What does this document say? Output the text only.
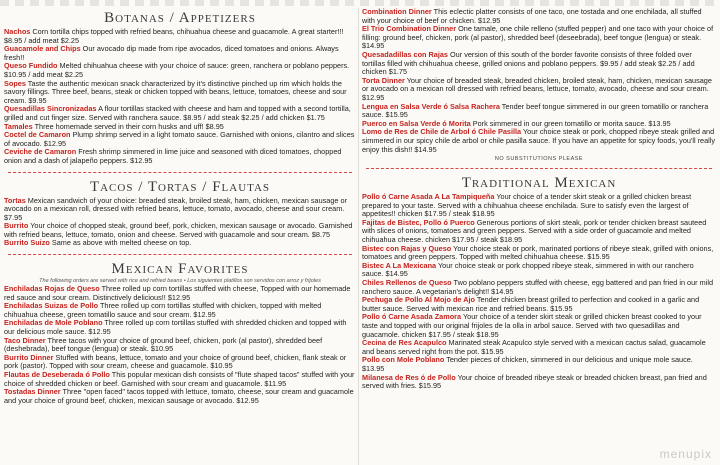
Botanas / Appetizers

Nachos Corn tortilla chips topped with refried beans, chihuahua cheese and guacamole. A great starter!!! $8.95 / add meat $2.25

Guacamole and Chips Our avocado dip made from ripe avocados, diced tomatoes and onions. Always fresh!!

Queso Fundido Melted chihuahua cheese with your choice of sauce: green, ranchera or poblano peppers. $10.95 / add meat $2.25

Sopes Taste the authentic mexican snack characterized by it's distinctive pinched up rim which holds the savory fillings. Three beef, beans, steak or chicken topped with beans, lettuce, tomatoes, cheese and sour cream. $9.95

Quesadillas Sincronizadas A flour tortillas stacked with cheese and ham and topped with a second tortilla, grilled and cut finger size. Served with ranchera sauce. $8.95 / add steak $2.25 / add chicken $1.75

Tamales Three homemade served in their corn husks and uff! $8.95

Coctel de Camaron Plump shrimp served in a light tomato sauce. Garnished with onions, cilantro and slices of avocado. $12.95

Ceviche de Camaron Fresh shrimp simmered in lime juice and seasoned with diced tomatoes, chopped onion and a dash of jalapeño peppers. $12.95

Tacos / Tortas / Flautas

Tortas Mexican sandwich of your choice: breaded steak, broiled steak, ham, chicken, mexican sausage or avocado on a mexican roll, dressed with refried beans, lettuce, tomato, avocado, cheese and sour cream. $7.95

Burrito Your choice of chopped steak, ground beef, pork, chicken, mexican sausage or avocado. Garnished with refried beans, lettuce, tomato, onion and cheese. Served with guacamole and sour cream. $8.75

Burrito Suizo Same as above with melted cheese on top.

Mexican Favorites
The following orders are served with rice and refried beans • Los siguientes platillos son servidos con arroz y frijoles

Enchiladas Rojas de Queso Three rolled up corn tortillas stuffed with cheese, Topped with our homemade red sauce and sour cream. Distinctively delicious!! $12.95

Enchiladas Suizas de Pollo Three rolled up corn tortillas stuffed with chicken, topped with melted chihuahua cheese, green tomatillo sauce and sour cream. $12.95

Enchiladas de Mole Poblano Three rolled up corn tortillas stuffed with shredded chicken and topped with our delicious mole sauce. $12.95

Taco Dinner Three tacos with your choice of ground beef, chicken, pork (al pastor), shredded beef (deshebrada), beef tongue (lengua) or steak. $10.95

Burrito Dinner Stuffed with beans, lettuce, tomato and your choice of ground beef, chicken, flank steak or pork (pastor). Topped with sour cream, cheese and guacamole. $10.95

Flautas de Deseberada ó Pollo This popular mexican dish consists of "flute shaped tacos" stuffed with your choice of shredded chicken or beef. Garnished with sour cream and guacamole. $11.95

Tostadas Dinner Three "open faced" tacos topped with lettuce, tomato, cheese, sour cream and guacamole and your choice of ground beef, chicken, mexican sausage or avocado. $12.95

Combination Dinner This eclectic platter consists of one taco, one tostada and one enchilada, all stuffed with your choice of beef or chicken. $12.95

El Trio Combination Dinner One tamale, one chile relleno (stuffed pepper) and one taco with your choice of filling: ground beef, chicken, pork (al pastor), shredded beef (deseebrada), beef tongue (lengua) or steak. $14.95

Quesadadillas con Rajas Our version of this south of the border favorite consists of three folded over tortillas filled with chihuahua cheese, grilled onions and poblano peppers. $9.95 / add steak $2.25 / add chicken $1.75

Torta Dinner Your choice of breaded steak, breaded chicken, broiled steak, ham, chicken, mexican sausage or avocado on a mexican roll dressed with refried beans, lettuce, tomato, avocado, cheese and sour cream. $12.95

Lengua en Salsa Verde ó Salsa Rachera Tender beef tongue simmered in our green tomatillo or ranchera sauce. $15.95

Puerco en Salsa Verde ó Morita Pork simmered in our green tomatillo or morita sauce. $13.95

Lomo de Res de Chile de Arbol ó Chile Pasilla Your choice steak or pork, chopped ribeye steak grilled and simmered in our spicy chile de arbol or chile pasilla sauce. If you have an appetite for spicy foods, you'll really enjoy this dish!! $14.95

NO SUBSTITUTIONS PLEASE
Traditional Mexican

Pollo ó Carne Asada A La Tampiqueña Your choice of a tender skirt steak or a grilled chicken breast prepared to your taste. Served with a chihuahua cheese enchilada. Sure to satisfy even the largest of appetites!! chicken $17.95 / steak $18.95

Fajitas de Bistec, Pollo ó Puerco Generous portions of skirt steak, pork or tender chicken breast sauteed with slices of onions, tomatoes and green peppers. Served with a side order of guacamole and melted chihuahua cheese. chicken $17.95 / steak $18.95

Bistec con Rajas y Queso Your choice steak or pork, marinated portions of ribeye steak, grilled with onions, tomatoes and green peppers. Topped with melted chihuahua cheese. $15.95

Bistec A La Mexicana Your choice steak or pork chopped ribeye steak, simmered in with our ranchero sauce. $14.95

Chiles Rellenos de Queso Two poblano peppers stuffed with cheese, egg battered and pan fried in our mild ranchero sauce. A vegetarian's delight!! $14.95

Pechuga de Pollo Al Mojo de Ajo Tender chicken breast grilled to perfection and cooked in a garlic and butter sauce. Served with mexican rice and refried beans. $15.95

Pollo ó Carne Asada Zamora Your choice of a tender skirt steak or grilled chicken breast cooked to your taste and topped with our original frijoles de la olla in arbol sauce. Served with two quesadillas and guacamole. chicken $17.95 / steak $18.95

Cecina de Res Acapulco Marinated steak Acapulco style served with a mexican cactus salad, guacamole and beans served right from the pot. $15.95

Pollo con Mole Poblano Tender pieces of chicken, simmered in our delicious and unique mole sauce. $13.95

Milanesa de Res ó de Pollo Your choice of breaded ribeye steak or breaded chicken breast, pan fried and served with fries. $15.95

menupix
